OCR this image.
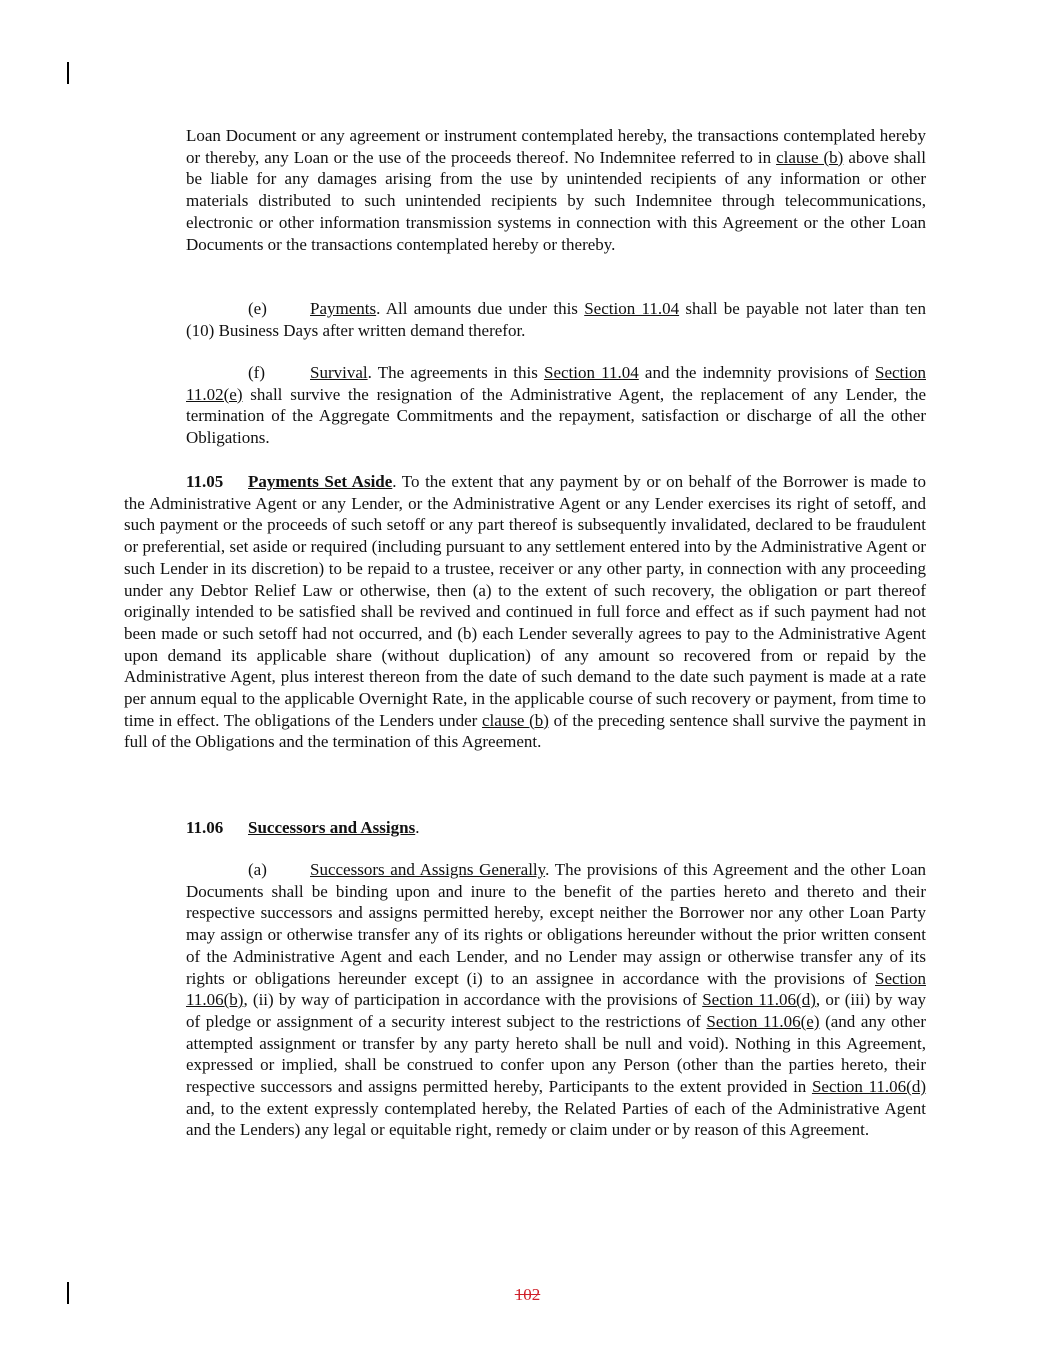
Loan Document or any agreement or instrument contemplated hereby, the transactions contemplated hereby or thereby, any Loan or the use of the proceeds thereof. No Indemnitee referred to in clause (b) above shall be liable for any damages arising from the use by unintended recipients of any information or other materials distributed to such unintended recipients by such Indemnitee through telecommunications, electronic or other information transmission systems in connection with this Agreement or the other Loan Documents or the transactions contemplated hereby or thereby.

(e)	Payments. All amounts due under this Section 11.04 shall be payable not later than ten (10) Business Days after written demand therefor.

(f)	Survival. The agreements in this Section 11.04 and the indemnity provisions of Section 11.02(e) shall survive the resignation of the Administrative Agent, the replacement of any Lender, the termination of the Aggregate Commitments and the repayment, satisfaction or discharge of all the other Obligations.

11.05 Payments Set Aside. To the extent that any payment by or on behalf of the Borrower is made to the Administrative Agent or any Lender, or the Administrative Agent or any Lender exercises its right of setoff, and such payment or the proceeds of such setoff or any part thereof is subsequently invalidated, declared to be fraudulent or preferential, set aside or required (including pursuant to any settlement entered into by the Administrative Agent or such Lender in its discretion) to be repaid to a trustee, receiver or any other party, in connection with any proceeding under any Debtor Relief Law or otherwise, then (a) to the extent of such recovery, the obligation or part thereof originally intended to be satisfied shall be revived and continued in full force and effect as if such payment had not been made or such setoff had not occurred, and (b) each Lender severally agrees to pay to the Administrative Agent upon demand its applicable share (without duplication) of any amount so recovered from or repaid by the Administrative Agent, plus interest thereon from the date of such demand to the date such payment is made at a rate per annum equal to the applicable Overnight Rate, in the applicable course of such recovery or payment, from time to time in effect. The obligations of the Lenders under clause (b) of the preceding sentence shall survive the payment in full of the Obligations and the termination of this Agreement.

11.06 Successors and Assigns.

(a)	Successors and Assigns Generally. The provisions of this Agreement and the other Loan Documents shall be binding upon and inure to the benefit of the parties hereto and thereto and their respective successors and assigns permitted hereby, except neither the Borrower nor any other Loan Party may assign or otherwise transfer any of its rights or obligations hereunder without the prior written consent of the Administrative Agent and each Lender, and no Lender may assign or otherwise transfer any of its rights or obligations hereunder except (i) to an assignee in accordance with the provisions of Section 11.06(b), (ii) by way of participation in accordance with the provisions of Section 11.06(d), or (iii) by way of pledge or assignment of a security interest subject to the restrictions of Section 11.06(e) (and any other attempted assignment or transfer by any party hereto shall be null and void). Nothing in this Agreement, expressed or implied, shall be construed to confer upon any Person (other than the parties hereto, their respective successors and assigns permitted hereby, Participants to the extent provided in Section 11.06(d) and, to the extent expressly contemplated hereby, the Related Parties of each of the Administrative Agent and the Lenders) any legal or equitable right, remedy or claim under or by reason of this Agreement.

102
